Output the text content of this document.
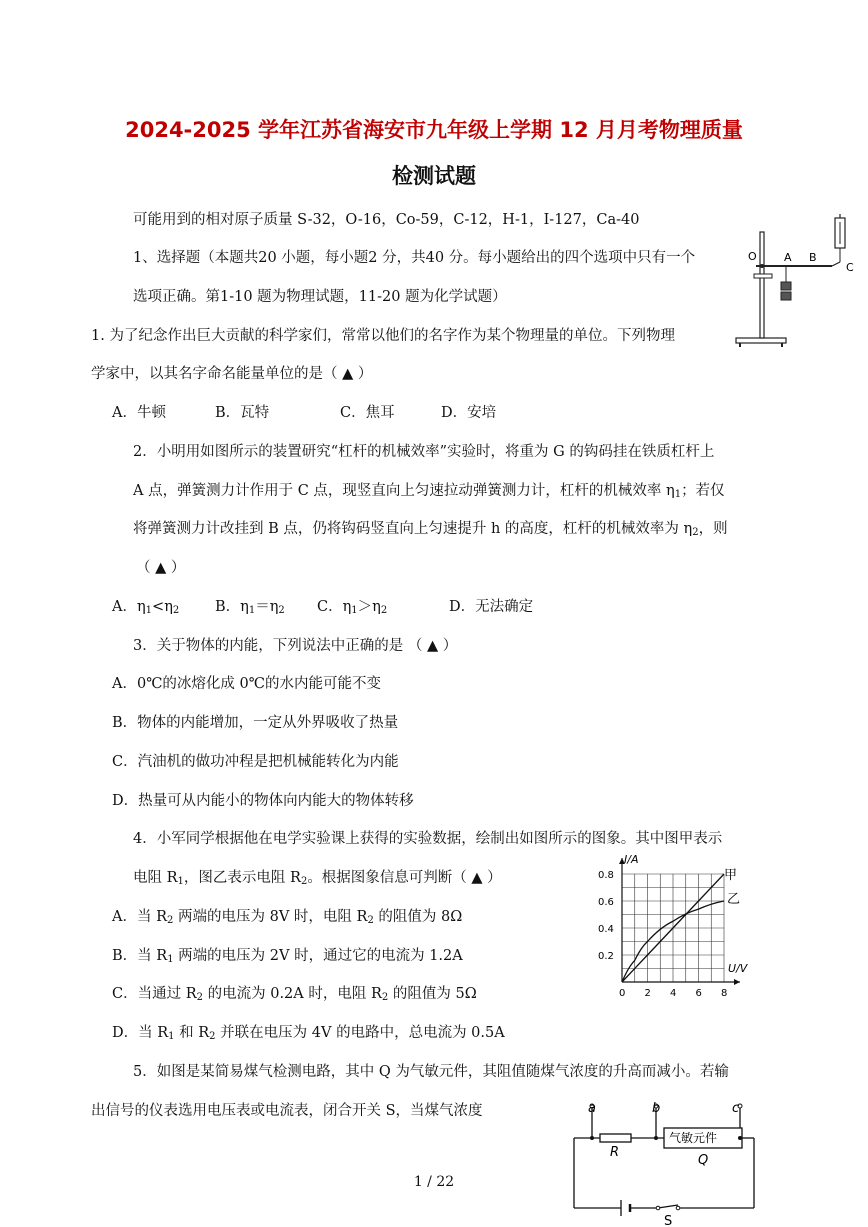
2024-2025 学年江苏省海安市九年级上学期 12 月月考物理质量
检测试题
可能用到的相对原子质量 S-32，O-16，Co-59，C-12，H-1，I-127，Ca-40
1、选择题（本题共20 小题，每小题2 分，共40 分。每小题给出的四个选项中只有一个
选项正确。第1-10 题为物理试题，11-20 题为化学试题）
O A B
C
1. 为了纪念作出巨大贡献的科学家们，常常以他们的名字作为某个物理量的单位。下列物理
学家中，以其名字命名能量单位的是（ ▲ ）
A．牛顿	B．瓦特	C．焦耳	D．安培
2．小明用如图所示的装置研究“杠杆的机械效率”实验时，将重为 G 的钩码挂在铁质杠杆上
A 点，弹簧测力计作用于 C 点，现竖直向上匀速拉动弹簧测力计，杠杆的机械效率 $\eta_1$；若仅
将弹簧测力计改挂到 B 点，仍将钩码竖直向上匀速提升 h 的高度，杠杆的机械效率为 $\eta_2$，则
（ ▲ ）
A．$\eta_1<\eta_2$ B．$\eta_1=\eta_2$ C．$\eta_1>\eta_2$	D．无法确定
3．关于物体的内能，下列说法中正确的是 （ ▲ ）
A．0℃的冰熔化成 0℃的水内能可能不变
B．物体的内能增加，一定从外界吸收了热量
C．汽油机的做功冲程是把机械能转化为内能
D．热量可从内能小的物体向内能大的物体转移
4．小军同学根据他在电学实验课上获得的实验数据，绘制出如图所示的图象。其中图甲表示
电阻 $R_1$，图乙表示电阻 $R_2$。根据图象信息可判断（ ▲ ）
A．当 $R_2$ 两端的电压为 8V 时，电阻 $R_2$ 的阻值为 8Ω
B．当 $R_1$ 两端的电压为 2V 时，通过它的电流为 1.2A
C．当通过 $R_2$ 的电流为 0.2A 时，电阻 $R_2$ 的阻值为 5Ω
D．当 $R_1$ 和 $R_2$ 并联在电压为 4V 的电路中，总电流为 0.5A
0 2 4 6 8
0.2
0.4
0.6
0.8
I/A
U/V
甲
乙
5．如图是某简易煤气检测电路，其中 Q 为气敏元件，其阻值随煤气浓度的升高而减小。若输
出信号的仪表选用电压表或电流表，闭合开关 S，当煤气浓度	a	b	c
R
气敏元件
Q
S
1 / 22
